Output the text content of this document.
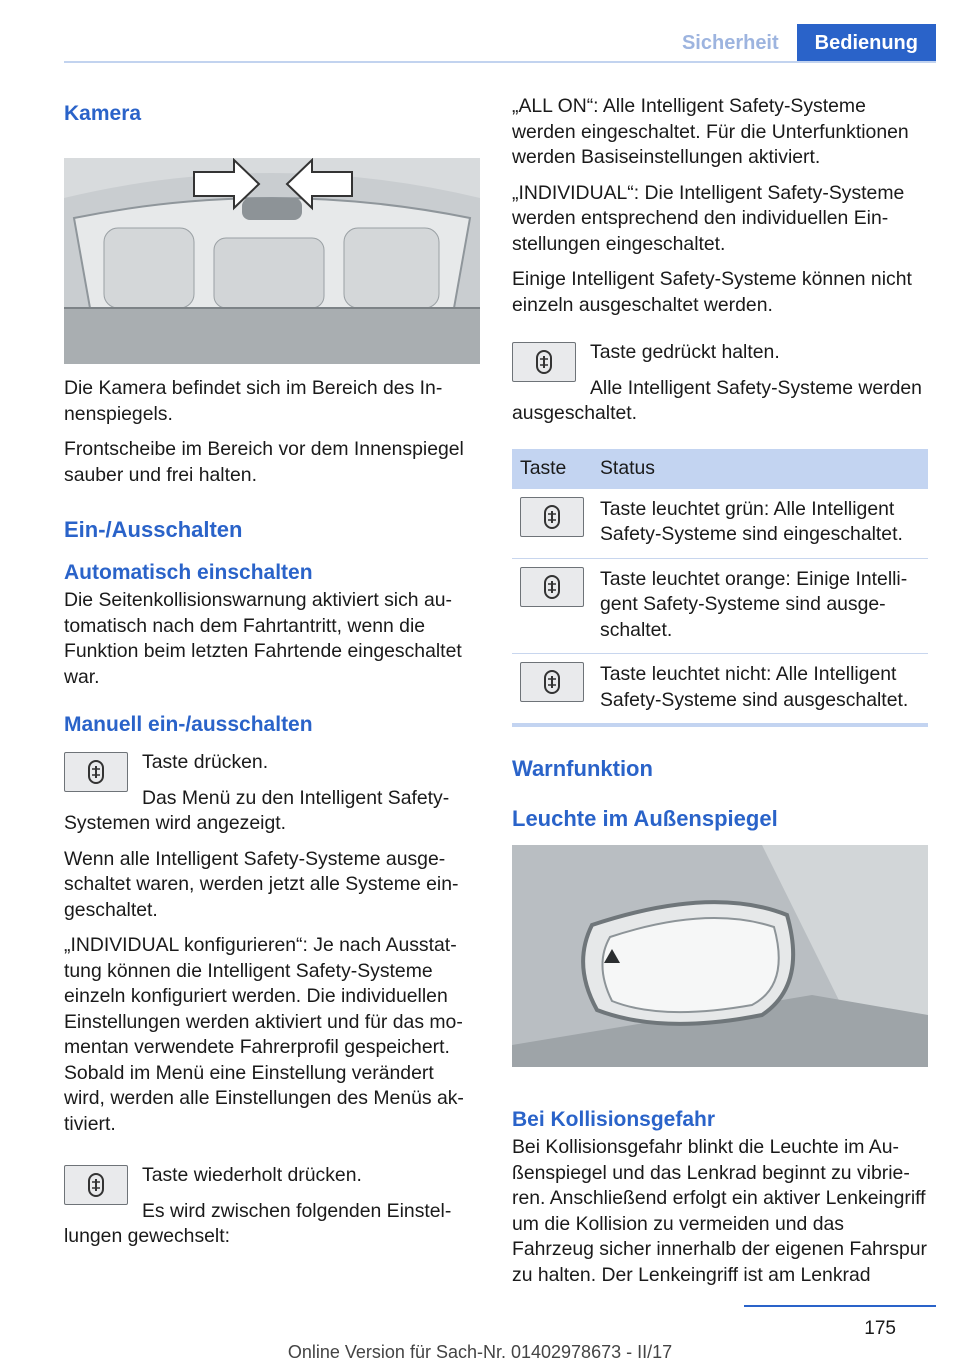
Sicherheit	Bedienung
Kamera

Die Kamera befindet sich im Bereich des Innenspiegels.

Frontscheibe im Bereich vor dem Innenspiegel sauber und frei halten.

Ein-/Ausschalten
Automatisch einschalten

Die Seitenkollisionswarnung aktiviert sich automatisch nach dem Fahrtantritt, wenn die Funktion beim letzten Fahrtende eingeschaltet war.

Manuell ein-/ausschalten

Taste drücken.

Das Menü zu den Intelligent Safety-Systemen wird angezeigt.

Wenn alle Intelligent Safety-Systeme ausgeschaltet waren, werden jetzt alle Systeme eingeschaltet.

„INDIVIDUAL konfigurieren“: Je nach Ausstattung können die Intelligent Safety-Systeme einzeln konfiguriert werden. Die individuellen Einstellungen werden aktiviert und für das momentan verwendete Fahrerprofil gespeichert. Sobald im Menü eine Einstellung verändert wird, werden alle Einstellungen des Menüs aktiviert.

Taste wiederholt drücken.

Es wird zwischen folgenden Einstellungen gewechselt:

„ALL ON“: Alle Intelligent Safety-Systeme werden eingeschaltet. Für die Unterfunktionen werden Basiseinstellungen aktiviert.

„INDIVIDUAL“: Die Intelligent Safety-Systeme werden entsprechend den individuellen Einstellungen eingeschaltet.

Einige Intelligent Safety-Systeme können nicht einzeln ausgeschaltet werden.

Taste gedrückt halten.

Alle Intelligent Safety-Systeme werden ausgeschaltet.

Taste	Status

	Taste leuchtet grün: Alle Intelligent Safety-Systeme sind eingeschaltet.

	Taste leuchtet orange: Einige Intelligent Safety-Systeme sind ausgeschaltet.

	Taste leuchtet nicht: Alle Intelligent Safety-Systeme sind ausgeschaltet.
Warnfunktion
Leuchte im Außenspiegel
Bei Kollisionsgefahr

Bei Kollisionsgefahr blinkt die Leuchte im Außenspiegel und das Lenkrad beginnt zu vibrieren. Anschließend erfolgt ein aktiver Lenkeingriff um die Kollision zu vermeiden und das Fahrzeug sicher innerhalb der eigenen Fahrspur zu halten. Der Lenkeingriff ist am Lenkrad

175
Online Version für Sach-Nr. 01402978673 - II/17
